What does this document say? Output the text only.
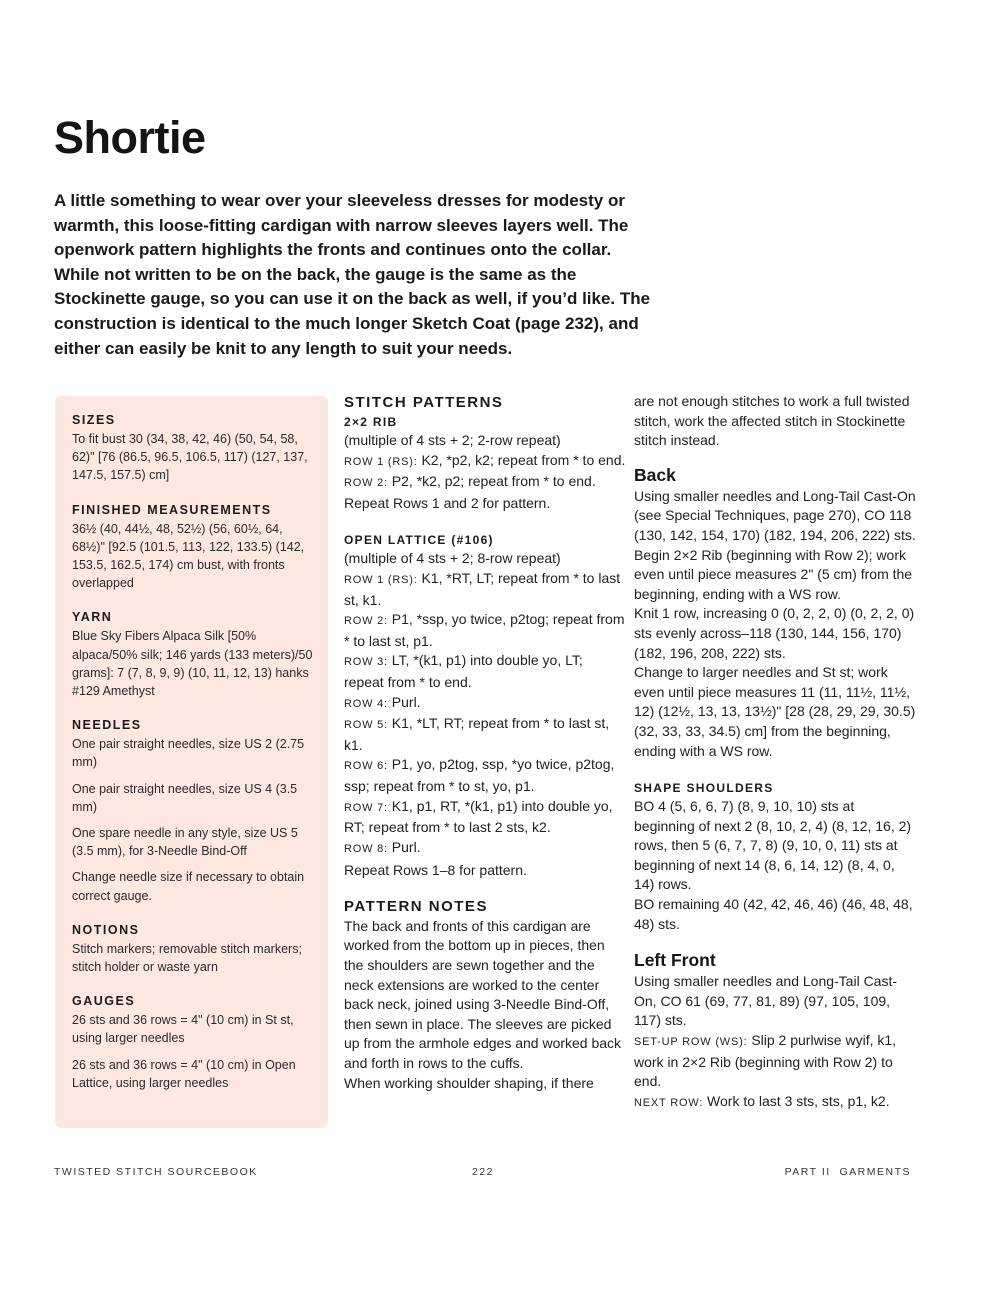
Shortie

A little something to wear over your sleeveless dresses for modesty or warmth, this loose-fitting cardigan with narrow sleeves layers well. The openwork pattern highlights the fronts and continues onto the collar. While not written to be on the back, the gauge is the same as the Stockinette gauge, so you can use it on the back as well, if you’d like. The construction is identical to the much longer Sketch Coat (page 232), and either can easily be knit to any length to suit your needs.

SIZES

To fit bust 30 (34, 38, 42, 46) (50, 54, 58, 62)" [76 (86.5, 96.5, 106.5, 117) (127, 137, 147.5, 157.5) cm]

FINISHED MEASUREMENTS

36½ (40, 44½, 48, 52½) (56, 60½, 64, 68½)" [92.5 (101.5, 113, 122, 133.5) (142, 153.5, 162.5, 174) cm bust, with fronts overlapped

YARN

Blue Sky Fibers Alpaca Silk [50% alpaca/50% silk; 146 yards (133 meters)/50 grams]: 7 (7, 8, 9, 9) (10, 11, 12, 13) hanks #129 Amethyst

NEEDLES

One pair straight needles, size US 2 (2.75 mm)

One pair straight needles, size US 4 (3.5 mm)

One spare needle in any style, size US 5 (3.5 mm), for 3-Needle Bind-Off

Change needle size if necessary to obtain correct gauge.

NOTIONS

Stitch markers; removable stitch markers; stitch holder or waste yarn

GAUGES

26 sts and 36 rows = 4" (10 cm) in St st, using larger needles

26 sts and 36 rows = 4" (10 cm) in Open Lattice, using larger needles

STITCH PATTERNS

2×2 RIB

(multiple of 4 sts + 2; 2-row repeat)

ROW 1 (RS): K2, *p2, k2; repeat from * to end.

ROW 2: P2, *k2, p2; repeat from * to end.

Repeat Rows 1 and 2 for pattern.

OPEN LATTICE (#106)

(multiple of 4 sts + 2; 8-row repeat)

ROW 1 (RS): K1, *RT, LT; repeat from * to last st, k1.

ROW 2: P1, *ssp, yo twice, p2tog; repeat from * to last st, p1.

ROW 3: LT, *(k1, p1) into double yo, LT; repeat from * to end.

ROW 4: Purl.

ROW 5: K1, *LT, RT; repeat from * to last st, k1.

ROW 6: P1, yo, p2tog, ssp, *yo twice, p2tog, ssp; repeat from * to st, yo, p1.

ROW 7: K1, p1, RT, *(k1, p1) into double yo, RT; repeat from * to last 2 sts, k2.

ROW 8: Purl.

Repeat Rows 1–8 for pattern.

PATTERN NOTES

The back and fronts of this cardigan are worked from the bottom up in pieces, then the shoulders are sewn together and the neck extensions are worked to the center back neck, joined using 3-Needle Bind-Off, then sewn in place. The sleeves are picked up from the armhole edges and worked back and forth in rows to the cuffs.

When working shoulder shaping, if there

are not enough stitches to work a full twisted stitch, work the affected stitch in Stockinette stitch instead.

Back

Using smaller needles and Long-Tail Cast-On (see Special Techniques, page 270), CO 118 (130, 142, 154, 170) (182, 194, 206, 222) sts.

Begin 2×2 Rib (beginning with Row 2); work even until piece measures 2" (5 cm) from the beginning, ending with a WS row.

Knit 1 row, increasing 0 (0, 2, 2, 0) (0, 2, 2, 0) sts evenly across–118 (130, 144, 156, 170) (182, 196, 208, 222) sts.

Change to larger needles and St st; work even until piece measures 11 (11, 11½, 11½, 12) (12½, 13, 13, 13½)" [28 (28, 29, 29, 30.5) (32, 33, 33, 34.5) cm] from the beginning, ending with a WS row.

SHAPE SHOULDERS

BO 4 (5, 6, 6, 7) (8, 9, 10, 10) sts at beginning of next 2 (8, 10, 2, 4) (8, 12, 16, 2) rows, then 5 (6, 7, 7, 8) (9, 10, 0, 11) sts at beginning of next 14 (8, 6, 14, 12) (8, 4, 0, 14) rows.

BO remaining 40 (42, 42, 46, 46) (46, 48, 48, 48) sts.

Left Front

Using smaller needles and Long-Tail Cast-On, CO 61 (69, 77, 81, 89) (97, 105, 109, 117) sts.

SET-UP ROW (WS): Slip 2 purlwise wyif, k1, work in 2×2 Rib (beginning with Row 2) to end.

NEXT ROW: Work to last 3 sts, sts, p1, k2.

TWISTED STITCH SOURCEBOOK	222	PART II  GARMENTS
